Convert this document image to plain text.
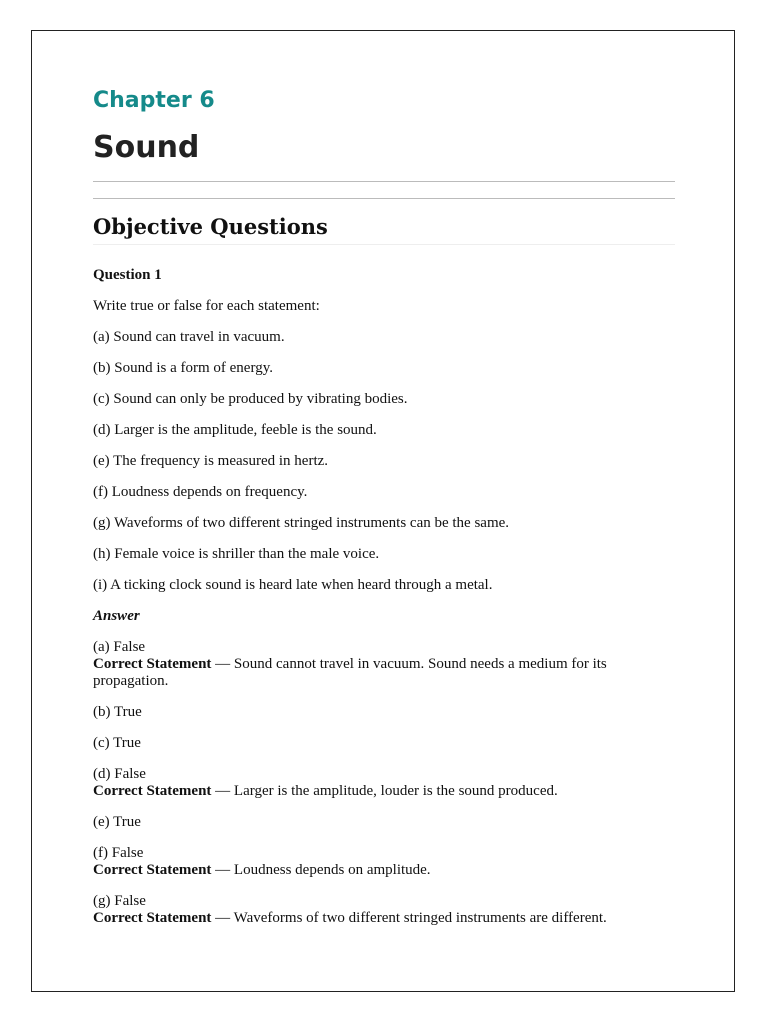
Chapter 6
Sound
Objective Questions

Question 1

Write true or false for each statement:

(a) Sound can travel in vacuum.

(b) Sound is a form of energy.

(c) Sound can only be produced by vibrating bodies.

(d) Larger is the amplitude, feeble is the sound.

(e) The frequency is measured in hertz.

(f) Loudness depends on frequency.

(g) Waveforms of two different stringed instruments can be the same.

(h) Female voice is shriller than the male voice.

(i) A ticking clock sound is heard late when heard through a metal.

Answer

(a) False
Correct Statement — Sound cannot travel in vacuum. Sound needs a medium for its propagation.

(b) True

(c) True

(d) False
Correct Statement — Larger is the amplitude, louder is the sound produced.

(e) True

(f) False
Correct Statement — Loudness depends on amplitude.

(g) False
Correct Statement — Waveforms of two different stringed instruments are different.
